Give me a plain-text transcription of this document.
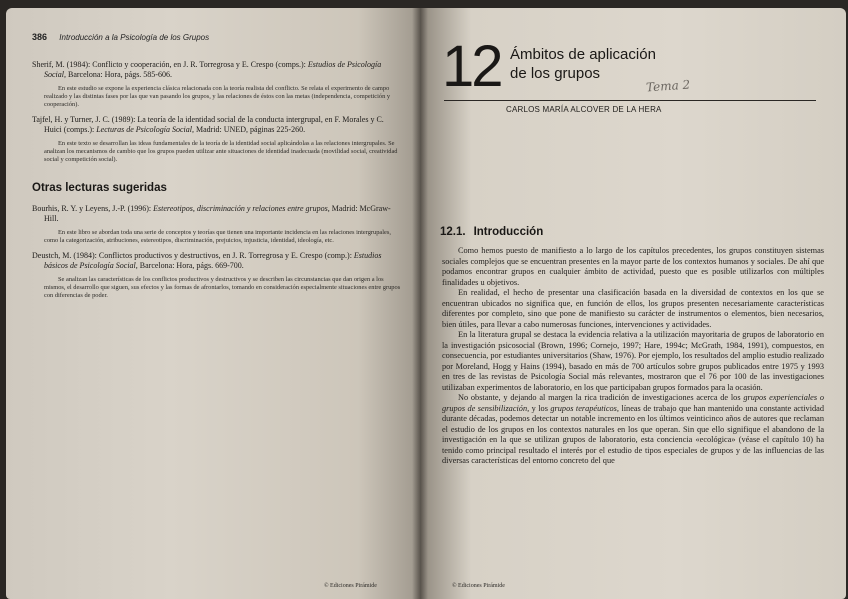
386 Introducción a la Psicología de los Grupos
Sherif, M. (1984): Conflicto y cooperación, en J. R. Torregrosa y E. Crespo (comps.): Estudios de Psicología Social, Barcelona: Hora, págs. 585-606.
En este estudio se expone la experiencia clásica relacionada con la teoría realista del conflicto. Se relata el experimento de campo realizado y las distintas fases por las que van pasando los grupos, y las relaciones de éstos con las metas (independencia, competición y cooperación).
Tajfel, H. y Turner, J. C. (1989): La teoría de la identidad social de la conducta intergrupal, en F. Morales y C. Huici (comps.): Lecturas de Psicología Social, Madrid: UNED, páginas 225-260.
En este texto se desarrollan las ideas fundamentales de la teoría de la identidad social aplicándolas a las relaciones intergrupales. Se analizan los mecanismos de cambio que los grupos pueden utilizar ante situaciones de identidad inadecuada (movilidad social, creatividad social y competición social).
Otras lecturas sugeridas
Bourhis, R. Y. y Leyens, J.-P. (1996): Estereotipos, discriminación y relaciones entre grupos, Madrid: McGraw-Hill.
En este libro se abordan toda una serie de conceptos y teorías que tienen una importante incidencia en las relaciones intergrupales, como la categorización, atribuciones, estereotipos, discriminación, prejuicios, injusticia, identidad, ideología, etc.
Deustch, M. (1984): Conflictos productivos y destructivos, en J. R. Torregrosa y E. Crespo (comp.): Estudios básicos de Psicología Social, Barcelona: Hora, págs. 669-700.
Se analizan las características de los conflictos productivos y destructivos y se describen las circunstancias que dan origen a los mismos, el desarrollo que siguen, sus efectos y las formas de afrontarlos, tomando en consideración especialmente situaciones entre grupos con diferencias de poder.
© Ediciones Pirámide
12 Ámbitos de aplicación
de los grupos
Tema 2
CARLOS MARÍA ALCOVER DE LA HERA
12.1. Introducción

Como hemos puesto de manifiesto a lo largo de los capítulos precedentes, los grupos constituyen sistemas sociales complejos que se encuentran presentes en la mayor parte de los contextos humanos y sociales. De ahí que podamos encontrar grupos en cualquier ámbito de actividad, puesto que es posible utilizarlos con múltiples finalidades u objetivos.

En realidad, el hecho de presentar una clasificación basada en la diversidad de contextos en los que se encuentran ubicados no significa que, en función de ellos, los grupos presenten necesariamente características diferentes por completo, sino que pone de manifiesto su carácter de instrumentos o elementos, bien necesarios, bien útiles, para llevar a cabo numerosas funciones, intervenciones y actividades.

En la literatura grupal se destaca la evidencia relativa a la utilización mayoritaria de grupos de laboratorio en la investigación psicosocial (Brown, 1996; Cornejo, 1997; Hare, 1994c; McGrath, 1984, 1991), compuestos, en consecuencia, por estudiantes universitarios (Shaw, 1976). Por ejemplo, los resultados del amplio estudio realizado por Moreland, Hogg y Hains (1994), basado en más de 700 artículos sobre grupos publicados entre 1975 y 1993 en tres de las revistas de Psicología Social más relevantes, mostraron que el 76 por 100 de las investigaciones utilizaban experimentos de laboratorio, en los que participaban grupos formados para la ocasión.

No obstante, y dejando al margen la rica tradición de investigaciones acerca de los grupos experienciales o grupos de sensibilización, y los grupos terapéuticos, líneas de trabajo que han mantenido una constante actividad durante décadas, podemos detectar un notable incremento en los últimos veinticinco años de autores que reclaman el estudio de los grupos en los contextos naturales en los que operan. Sin que ello signifique el abandono de la investigación en la que se utilizan grupos de laboratorio, esta conciencia «ecológica» (véase el capítulo 10) ha tenido como principal resultado el interés por el estudio de tipos especiales de grupos y de las influencias de las diversas características del entorno concreto del que

© Ediciones Pirámide
